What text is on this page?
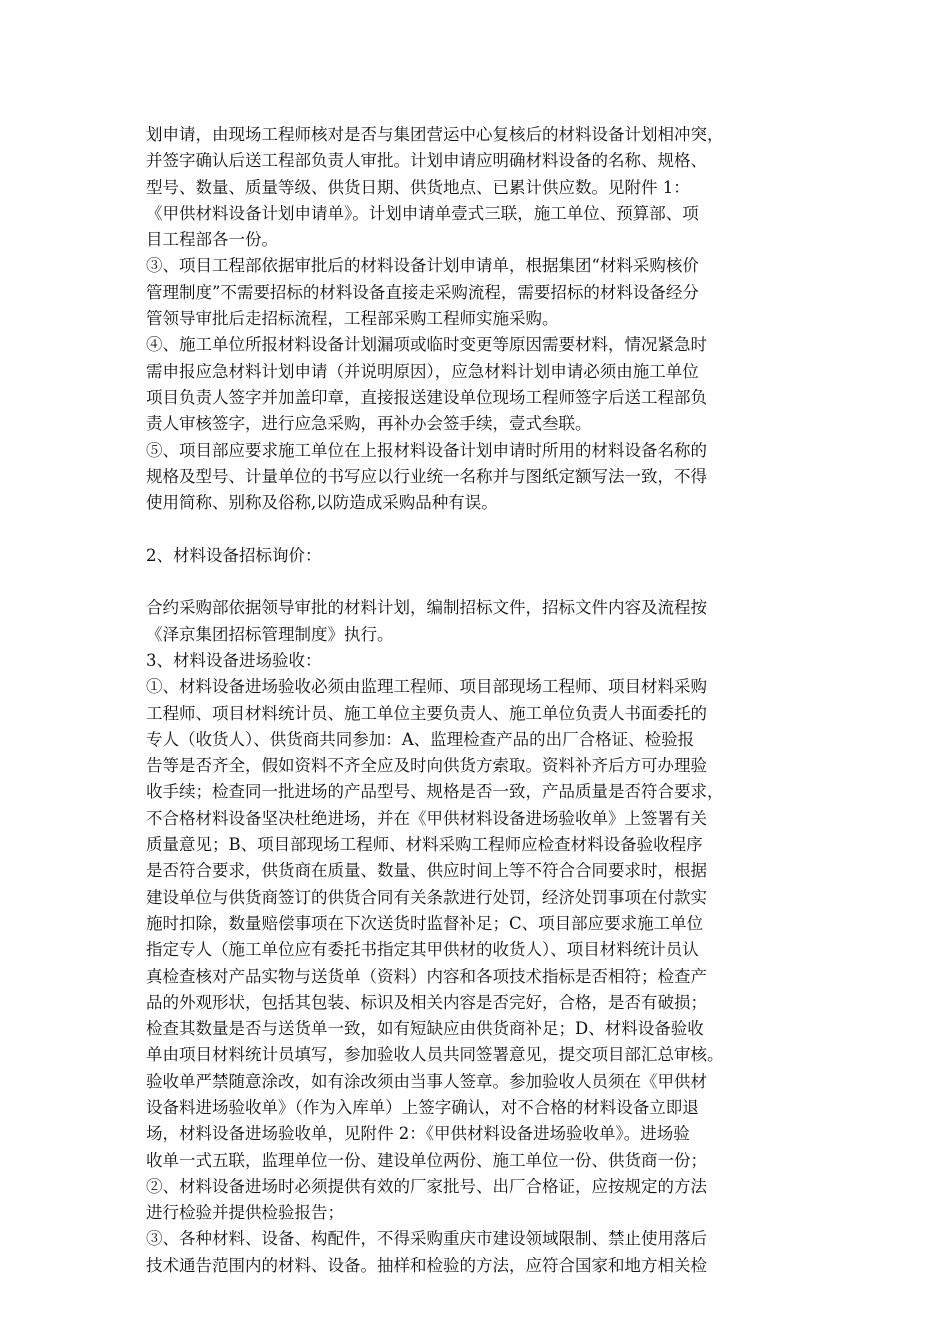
划申请，由现场工程师核对是否与集团营运中心复核后的材料设备计划相冲突，
并签字确认后送工程部负责人审批。计划申请应明确材料设备的名称、规格、
型号、数量、质量等级、供货日期、供货地点、已累计供应数。见附件 1：
《甲供材料设备计划申请单》。计划申请单壹式三联，施工单位、预算部、项
目工程部各一份。
③、项目工程部依据审批后的材料设备计划申请单，根据集团“材料采购核价
管理制度”不需要招标的材料设备直接走采购流程，需要招标的材料设备经分
管领导审批后走招标流程，工程部采购工程师实施采购。
④、施工单位所报材料设备计划漏项或临时变更等原因需要材料，情况紧急时
需申报应急材料计划申请（并说明原因），应急材料计划申请必须由施工单位
项目负责人签字并加盖印章，直接报送建设单位现场工程师签字后送工程部负
责人审核签字，进行应急采购，再补办会签手续，壹式叁联。
⑤、项目部应要求施工单位在上报材料设备计划申请时所用的材料设备名称的
规格及型号、计量单位的书写应以行业统一名称并与图纸定额写法一致，不得
使用简称、别称及俗称,以防造成采购品种有误。
2、材料设备招标询价：
合约采购部依据领导审批的材料计划，编制招标文件，招标文件内容及流程按
《泽京集团招标管理制度》执行。
3、材料设备进场验收：
①、材料设备进场验收必须由监理工程师、项目部现场工程师、项目材料采购
工程师、项目材料统计员、施工单位主要负责人、施工单位负责人书面委托的
专人（收货人）、供货商共同参加：A、监理检查产品的出厂合格证、检验报
告等是否齐全，假如资料不齐全应及时向供货方索取。资料补齐后方可办理验
收手续；检查同一批进场的产品型号、规格是否一致，产品质量是否符合要求，
不合格材料设备坚决杜绝进场，并在《甲供材料设备进场验收单》上签署有关
质量意见；B、项目部现场工程师、材料采购工程师应检查材料设备验收程序
是否符合要求，供货商在质量、数量、供应时间上等不符合合同要求时，根据
建设单位与供货商签订的供货合同有关条款进行处罚，经济处罚事项在付款实
施时扣除，数量赔偿事项在下次送货时监督补足；C、项目部应要求施工单位
指定专人（施工单位应有委托书指定其甲供材的收货人）、项目材料统计员认
真检查核对产品实物与送货单（资料）内容和各项技术指标是否相符；检查产
品的外观形状，包括其包装、标识及相关内容是否完好，合格，是否有破损；
检查其数量是否与送货单一致，如有短缺应由供货商补足；D、材料设备验收
单由项目材料统计员填写，参加验收人员共同签署意见，提交项目部汇总审核。
验收单严禁随意涂改，如有涂改须由当事人签章。参加验收人员须在《甲供材
设备料进场验收单》（作为入库单）上签字确认，对不合格的材料设备立即退
场，材料设备进场验收单，见附件 2：《甲供材料设备进场验收单》。进场验
收单一式五联，监理单位一份、建设单位两份、施工单位一份、供货商一份；
②、材料设备进场时必须提供有效的厂家批号、出厂合格证，应按规定的方法
进行检验并提供检验报告；
③、各种材料、设备、构配件，不得采购重庆市建设领域限制、禁止使用落后
技术通告范围内的材料、设备。抽样和检验的方法，应符合国家和地方相关检
